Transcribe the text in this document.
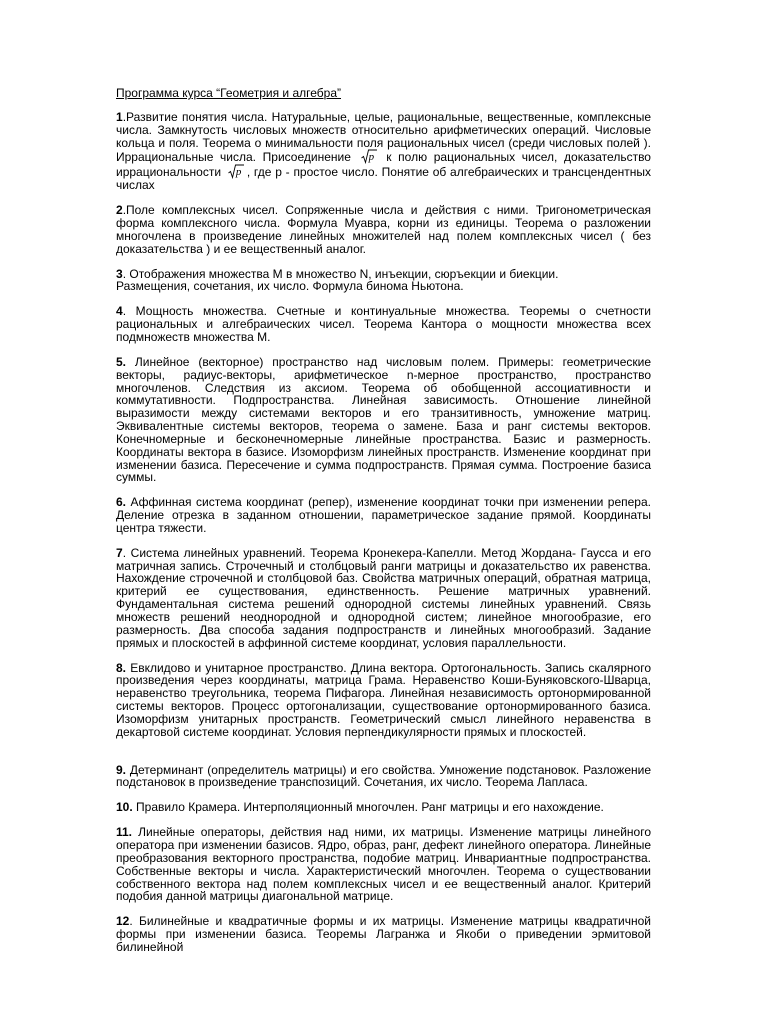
Программа курса “Геометрия и алгебра”

1.Развитие понятия числа. Натуральные, целые, рациональные, вещественные, комплексные числа. Замкнутость числовых множеств относительно арифметических операций. Числовые кольца и поля. Теорема о минимальности поля рациональных чисел (среди числовых полей ). Иррациональные числа. Присоединение p к полю рациональных чисел, доказательство иррациональности p , где p - простое число. Понятие об алгебраических и трансцендентных числах

2.Поле комплексных чисел. Сопряженные числа и действия с ними. Тригонометрическая форма комплексного числа. Формула Муавра, корни из единицы. Теорема о разложении многочлена в произведение линейных множителей над полем комплексных чисел ( без доказательства ) и ее вещественный аналог.

3. Отображения множества М в множество N, инъекции, сюръекции и биекции.
Размещения, сочетания, их число. Формула бинома Ньютона.

4. Мощность множества. Счетные и континуальные множества. Теоремы о счетности рациональных и алгебраических чисел. Теорема Кантора о мощности множества всех подмножеств множества М.

5. Линейное (векторное) пространство над числовым полем. Примеры: геометрические векторы, радиус-векторы, арифметическое n-мерное пространство, пространство многочленов. Следствия из аксиом. Теорема об обобщенной ассоциативности и коммутативности. Подпространства. Линейная зависимость. Отношение линейной выразимости между системами векторов и его транзитивность, умножение матриц. Эквивалентные системы векторов, теорема о замене. База и ранг системы векторов. Конечномерные и бесконечномерные линейные пространства. Базис и размерность. Координаты вектора в базисе. Изоморфизм линейных пространств. Изменение координат при изменении базиса. Пересечение и сумма подпространств. Прямая сумма. Построение базиса суммы.

6. Аффинная система координат (репер), изменение координат точки при изменении репера. Деление отрезка в заданном отношении, параметрическое задание прямой. Координаты центра тяжести.

7. Система линейных уравнений. Теорема Кронекера-Капелли. Метод Жордана- Гаусса и его матричная запись. Строчечный и столбцовый ранги матрицы и доказательство их равенства. Нахождение строчечной и столбцовой баз. Свойства матричных операций, обратная матрица, критерий ее существования, единственность. Решение матричных уравнений. Фундаментальная система решений однородной системы линейных уравнений. Связь множеств решений неоднородной и однородной систем; линейное многообразие, его размерность. Два способа задания подпространств и линейных многообразий. Задание прямых и плоскостей в аффинной системе координат, условия параллельности.

8. Евклидово и унитарное пространство. Длина вектора. Ортогональность. Запись скалярного произведения через координаты, матрица Грама. Неравенство Коши-Буняковского-Шварца, неравенство треугольника, теорема Пифагора. Линейная независимость ортонормированной системы векторов. Процесс ортогонализации, существование ортонормированного базиса. Изоморфизм унитарных пространств. Геометрический смысл линейного неравенства в декартовой системе координат. Условия перпендикулярности прямых и плоскостей.

9. Детерминант (определитель матрицы) и его свойства. Умножение подстановок. Разложение подстановок в произведение транспозиций. Сочетания, их число. Теорема Лапласа.

10. Правило Крамера. Интерполяционный многочлен. Ранг матрицы и его нахождение.

11. Линейные операторы, действия над ними, их матрицы. Изменение матрицы линейного оператора при изменении базисов. Ядро, образ, ранг, дефект линейного оператора. Линейные преобразования векторного пространства, подобие матриц. Инвариантные подпространства. Собственные векторы и числа. Характеристический многочлен. Теорема о существовании собственного вектора над полем комплексных чисел и ее вещественный аналог. Критерий подобия данной матрицы диагональной матрице.

12. Билинейные и квадратичные формы и их матрицы. Изменение матрицы квадратичной формы при изменении базиса. Теоремы Лагранжа и Якоби о приведении эрмитовой билинейной
